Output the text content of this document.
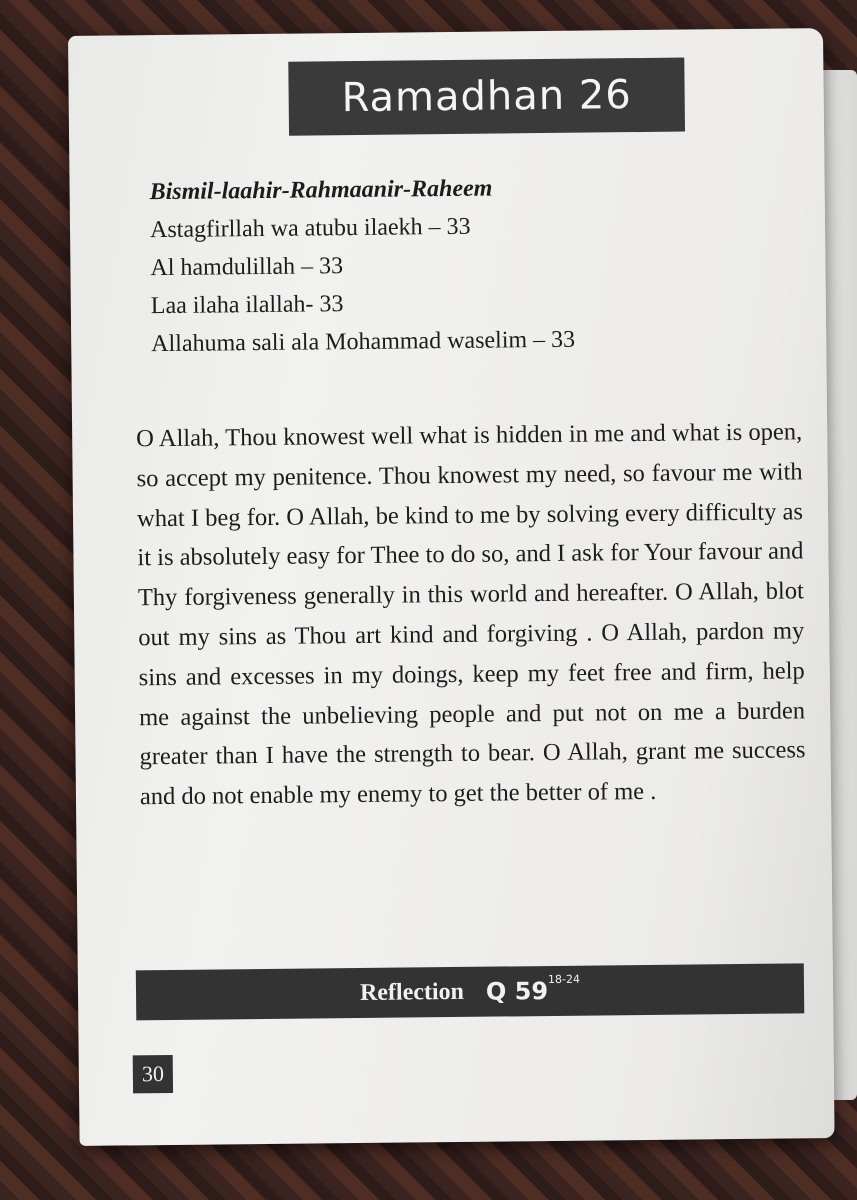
Ramadhan 26
Bismil-laahir-Rahmaanir-Raheem
Astagfirllah wa atubu ilaekh – 33
Al hamdulillah – 33
Laa ilaha ilallah- 33
Allahuma sali ala Mohammad waselim – 33
O Allah, Thou knowest well what is hidden in me and what is open, so accept my penitence. Thou knowest my need, so favour me with what I beg for. O Allah, be kind to me by solving every difficulty as it is absolutely easy for Thee to do so, and I ask for Your favour and Thy forgiveness generally in this world and hereafter. O Allah, blot out my sins as Thou art kind and forgiving . O Allah, pardon my sins and excesses in my doings, keep my feet free and firm, help me against the unbelieving people and put not on me a burden greater than I have the strength to bear. O Allah, grant me success and do not enable my enemy to get the better of me .
Reflection Q 59$^{18-24}$
30
